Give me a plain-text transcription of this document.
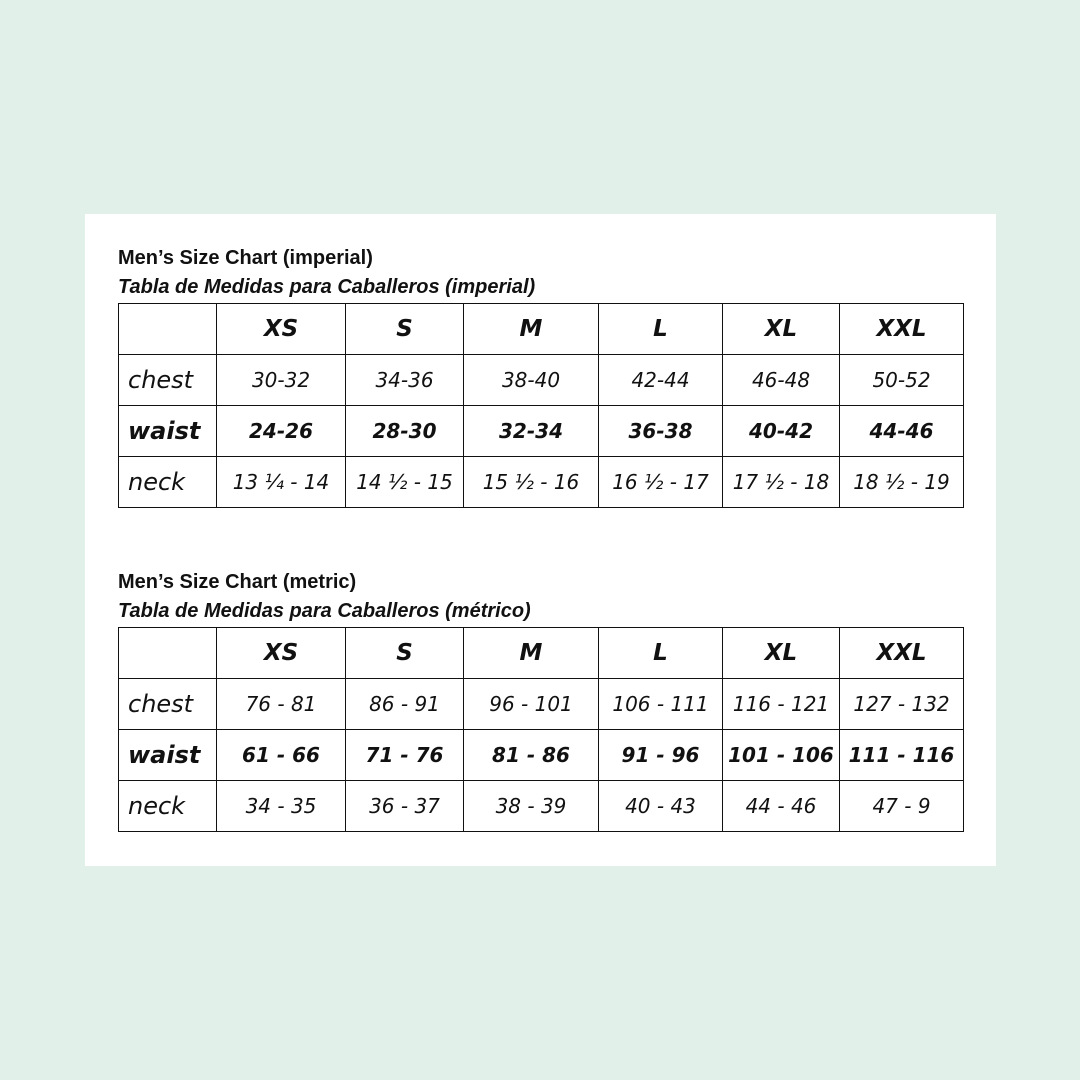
Men’s Size Chart (imperial)
Tabla de Medidas para Caballeros (imperial)
	XS	S	M	L	XL	XXL
chest	30-32	34-36	38-40	42-44	46-48	50-52
waist	24-26	28-30	32-34	36-38	40-42	44-46
neck	13 ¼ - 14	14 ½ - 15	15 ½ - 16	16 ½ - 17	17 ½ - 18	18 ½ - 19
Men’s Size Chart (metric)
Tabla de Medidas para Caballeros (métrico)
	XS	S	M	L	XL	XXL
chest	76 - 81	86 - 91	96 - 101	106 - 111	116 - 121	127 - 132
waist	61 - 66	71 - 76	81 - 86	91 - 96	101 - 106	111 - 116
neck	34 - 35	36 - 37	38 - 39	40 - 43	44 - 46	47 - 9
